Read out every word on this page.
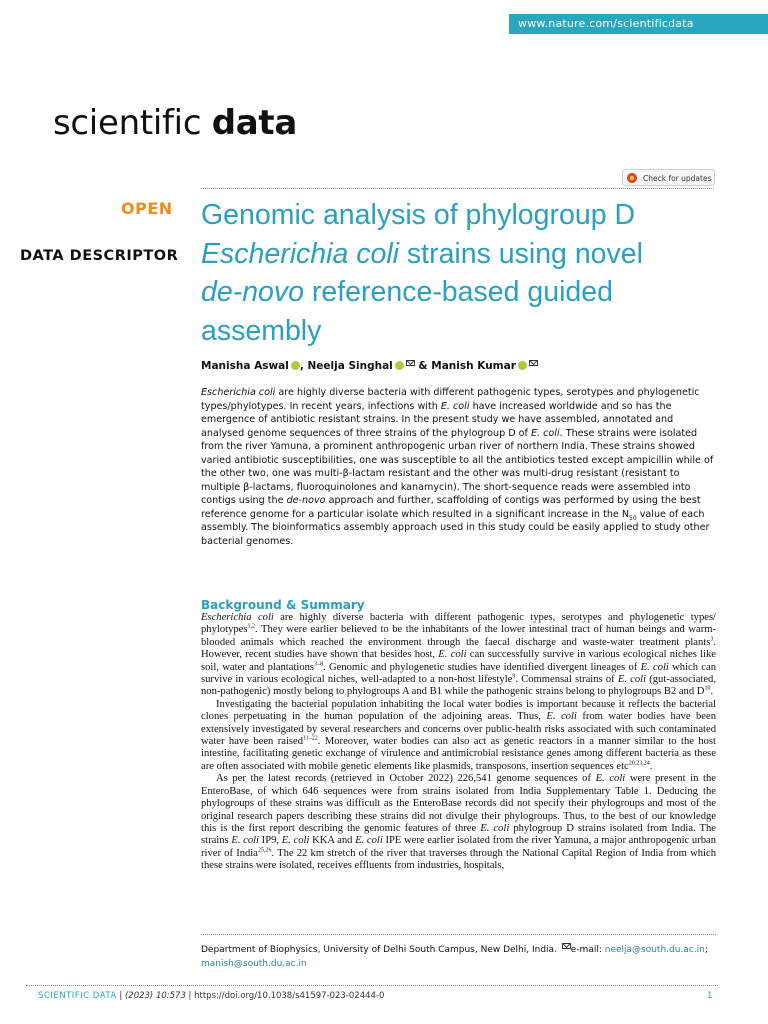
www.nature.com/scientificdata
scientific data
Check for updates
OPEN
DATA DESCRIPTOR
Genomic analysis of phylogroup D
Escherichia coli strains using novel
de-novo reference-based guided
assembly
Manisha Aswal , Neelja Singhal & Manish Kumar

Escherichia coli are highly diverse bacteria with different pathogenic types, serotypes and phylogenetic types/phylotypes. In recent years, infections with E. coli have increased worldwide and so has the emergence of antibiotic resistant strains. In the present study we have assembled, annotated and analysed genome sequences of three strains of the phylogroup D of E. coli. These strains were isolated from the river Yamuna, a prominent anthropogenic urban river of northern India. These strains showed varied antibiotic susceptibilities, one was susceptible to all the antibiotics tested except ampicillin while of the other two, one was multi-β-lactam resistant and the other was multi-drug resistant (resistant to multiple β-lactams, fluoroquinolones and kanamycin). The short-sequence reads were assembled into contigs using the de-novo approach and further, scaffolding of contigs was performed by using the best reference genome for a particular isolate which resulted in a significant increase in the $N_{50}$ value of each assembly. The bioinformatics assembly approach used in this study could be easily applied to study other bacterial genomes.

Background & Summary

Escherichia coli are highly diverse bacteria with different pathogenic types, serotypes and phylogenetic types/ phylotypes$^{1,2}$. They were earlier believed to be the inhabitants of the lower intestinal tract of human beings and warm-blooded animals which reached the environment through the faecal discharge and waste-water treatment plants$^3$. However, recent studies have shown that besides host, E. coli can successfully survive in various ecological niches like soil, water and plantations$^{3-8}$. Genomic and phylogenetic studies have identified divergent lineages of E. coli which can survive in various ecological niches, well-adapted to a non-host lifestyle$^9$. Commensal strains of E. coli (gut-associated, non-pathogenic) mostly belong to phylogroups A and B1 while the pathogenic strains belong to phylogroups B2 and $D^{10}$.

Investigating the bacterial population inhabiting the local water bodies is important because it reflects the bacterial clones perpetuating in the human population of the adjoining areas. Thus, E. coli from water bodies have been extensively investigated by several researchers and concerns over public-health risks associated with such contaminated water have been raised$^{11-22}$. Moreover, water bodies can also act as genetic reactors in a manner similar to the host intestine, facilitating genetic exchange of virulence and antimicrobial resistance genes among different bacteria as these are often associated with mobile genetic elements like plasmids, transposons, insertion sequences etc$^{20,23,24}$.

As per the latest records (retrieved in October 2022) 226,541 genome sequences of E. coli were present in the EnteroBase, of which 646 sequences were from strains isolated from India Supplementary Table 1. Deducing the phylogroups of these strains was difficult as the EnteroBase records did not specify their phylogroups and most of the original research papers describing these strains did not divulge their phylogroups. Thus, to the best of our knowledge this is the first report describing the genomic features of three E. coli phylogroup D strains isolated from India. The strains E. coli IP9, E. coli KKA and E. coli IPE were earlier isolated from the river Yamuna, a major anthropogenic urban river of India$^{25,26}$. The 22 km stretch of the river that traverses through the National Capital Region of India from which these strains were isolated, receives effluents from industries, hospitals,

Department of Biophysics, University of Delhi South Campus, New Delhi, India. e-mail: neelja@south.du.ac.in;
manish@south.du.ac.in
SCIENTIFIC DATA | (2023) 10:573 | https://doi.org/10.1038/s41597-023-02444-0	1
